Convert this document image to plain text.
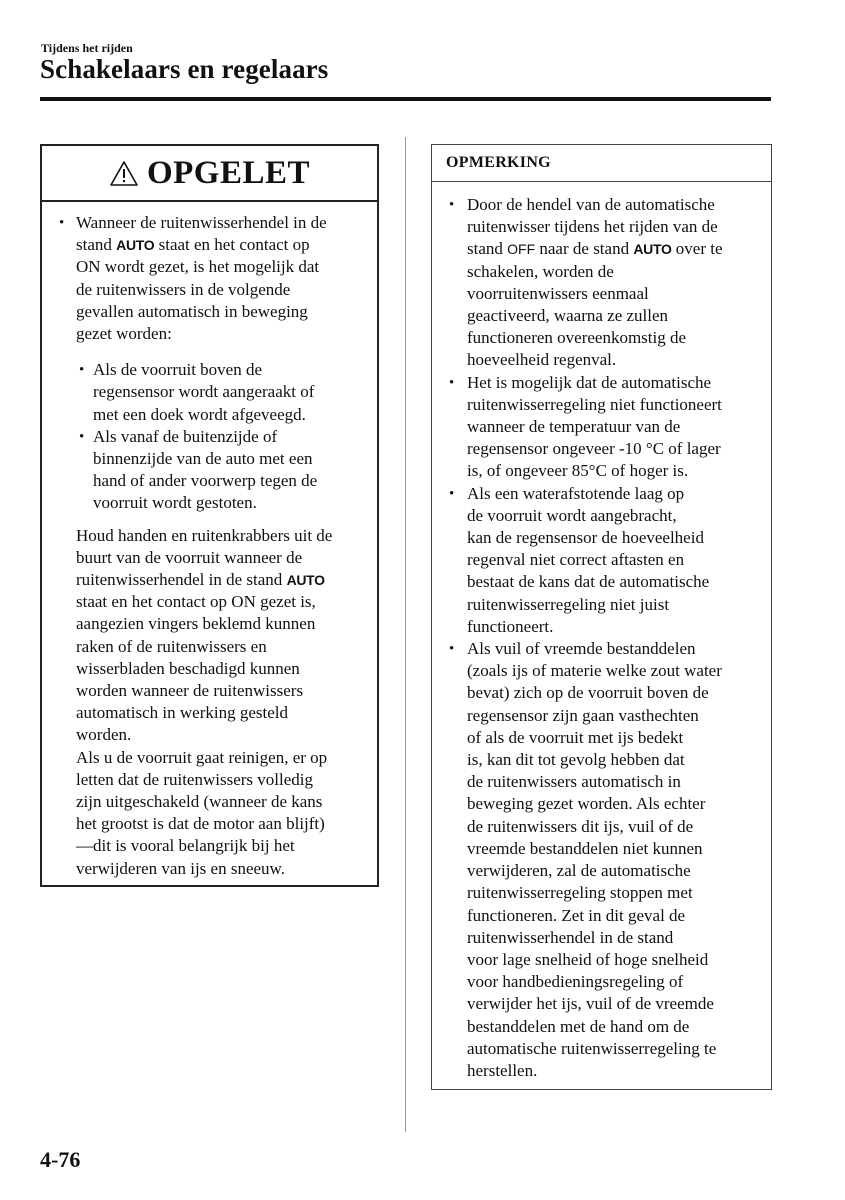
Tijdens het rijden
Schakelaars en regelaars
OPGELET
• Wanneer de ruitenwisserhendel in de
stand AUTO staat en het contact op
ON wordt gezet, is het mogelijk dat
de ruitenwissers in de volgende
gevallen automatisch in beweging
gezet worden:
• Als de voorruit boven de
regensensor wordt aangeraakt of
met een doek wordt afgeveegd.
• Als vanaf de buitenzijde of
binnenzijde van de auto met een
hand of ander voorwerp tegen de
voorruit wordt gestoten.
Houd handen en ruitenkrabbers uit de
buurt van de voorruit wanneer de
ruitenwisserhendel in de stand AUTO
staat en het contact op ON gezet is,
aangezien vingers beklemd kunnen
raken of de ruitenwissers en
wisserbladen beschadigd kunnen
worden wanneer de ruitenwissers
automatisch in werking gesteld
worden.
Als u de voorruit gaat reinigen, er op
letten dat de ruitenwissers volledig
zijn uitgeschakeld (wanneer de kans
het grootst is dat de motor aan blijft)
—dit is vooral belangrijk bij het
verwijderen van ijs en sneeuw.
OPMERKING
• Door de hendel van de automatische
ruitenwisser tijdens het rijden van de
stand OFF naar de stand AUTO over te
schakelen, worden de
voorruitenwissers eenmaal
geactiveerd, waarna ze zullen
functioneren overeenkomstig de
hoeveelheid regenval.
• Het is mogelijk dat de automatische
ruitenwisserregeling niet functioneert
wanneer de temperatuur van de
regensensor ongeveer -10 °C of lager
is, of ongeveer 85°C of hoger is.
• Als een waterafstotende laag op
de voorruit wordt aangebracht,
kan de regensensor de hoeveelheid
regenval niet correct aftasten en
bestaat de kans dat de automatische
ruitenwisserregeling niet juist
functioneert.
• Als vuil of vreemde bestanddelen
(zoals ijs of materie welke zout water
bevat) zich op de voorruit boven de
regensensor zijn gaan vasthechten
of als de voorruit met ijs bedekt
is, kan dit tot gevolg hebben dat
de ruitenwissers automatisch in
beweging gezet worden. Als echter
de ruitenwissers dit ijs, vuil of de
vreemde bestanddelen niet kunnen
verwijderen, zal de automatische
ruitenwisserregeling stoppen met
functioneren. Zet in dit geval de
ruitenwisserhendel in de stand
voor lage snelheid of hoge snelheid
voor handbedieningsregeling of
verwijder het ijs, vuil of de vreemde
bestanddelen met de hand om de
automatische ruitenwisserregeling te
herstellen.
4-76
